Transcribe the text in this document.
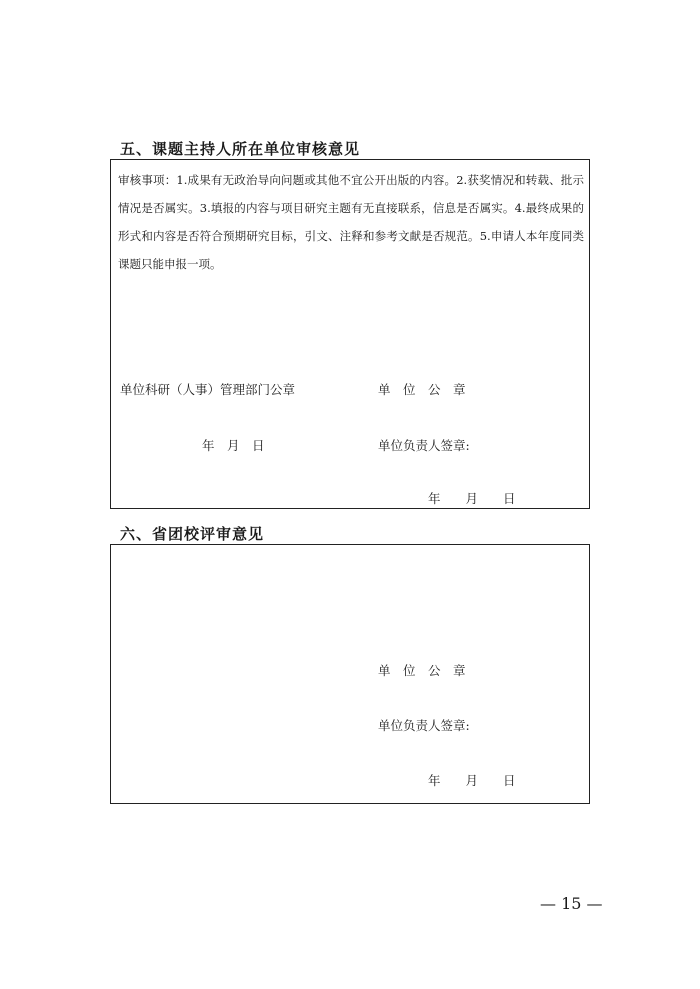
五、课题主持人所在单位审核意见

审核事项：1.成果有无政治导向问题或其他不宜公开出版的内容。2.获奖情况和转载、批示情况是否属实。3.填报的内容与项目研究主题有无直接联系，信息是否属实。4.最终成果的形式和内容是否符合预期研究目标，引文、注释和参考文献是否规范。5.申请人本年度同类课题只能申报一项。

单位科研（人事）管理部门公章	单　位　公　章

年　月　日	单位负责人签章:

年　　月　　日

六、省团校评审意见

单　位　公　章

单位负责人签章:

年　　月　　日

— 15 —
